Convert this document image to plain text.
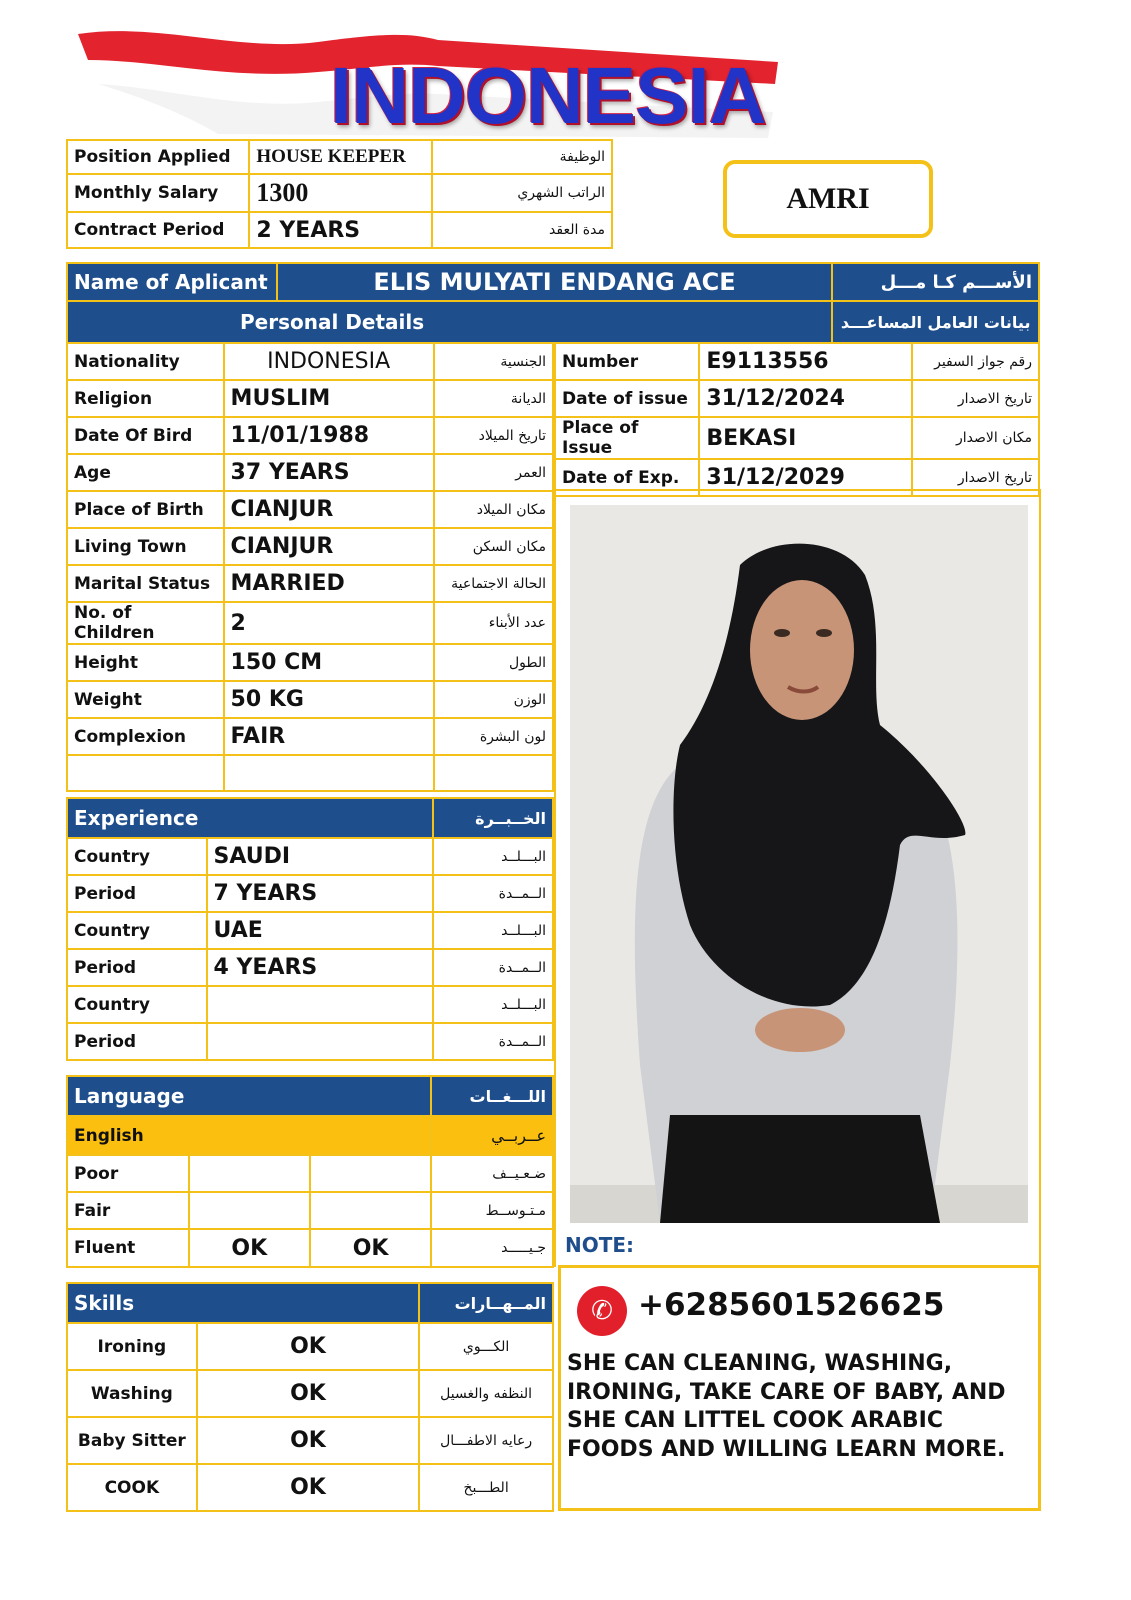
INDONESIA
Position Applied	HOUSE KEEPER	الوظيفة
Monthly Salary	1300	الراتب الشهري
Contract Period	2 YEARS	مدة العقد
AMRI
Name of Aplicant	ELIS MULYATI ENDANG ACE	الأســـم كـا مـــل
Personal Details		بيانات العامل المساعـــد
Nationality	INDONESIA	الجنسية
Religion	MUSLIM	الديانة
Date Of Bird	11/01/1988	تاريخ الميلاد
Age	37 YEARS	العمر
Place of Birth	CIANJUR	مكان الميلاد
Living Town	CIANJUR	مكان السكن
Marital Status	MARRIED	الحالة الاجتماعية
No. of Children	2	عدد الأبناء
Height	150 CM	الطول
Weight	50 KG	الوزن
Complexion	FAIR	لون البشرة

Number	E9113556	رقم جواز السفير
Date of issue	31/12/2024	تاريخ الاصدار
Place of Issue	BEKASI	مكان الاصدار
Date of Exp.	31/12/2029	تاريخ الاصدار
Experience		الخــبــرة
Country	SAUDI	البـــلــد
Period	7 YEARS	الــمــدة
Country	UAE	البـــلــد
Period	4 YEARS	الــمــدة
Country		البـــلــد
Period		الــمــدة
Language			اللـــغــات
English			عــربــي
Poor			ضـعـيــف
Fair			مـتـوســط
Fluent	OK	OK	جـيـــــد
Skills		المــهــارات
Ironing	OK	الكـــوي
Washing	OK	النظفه والغسيل
Baby Sitter	OK	رعايه الاطفـــال
COOK	OK	الطـــبخ
NOTE:
✆ +6285601526625
SHE CAN CLEANING, WASHING, IRONING, TAKE CARE OF BABY, AND SHE CAN LITTEL COOK ARABIC FOODS AND WILLING LEARN MORE.
